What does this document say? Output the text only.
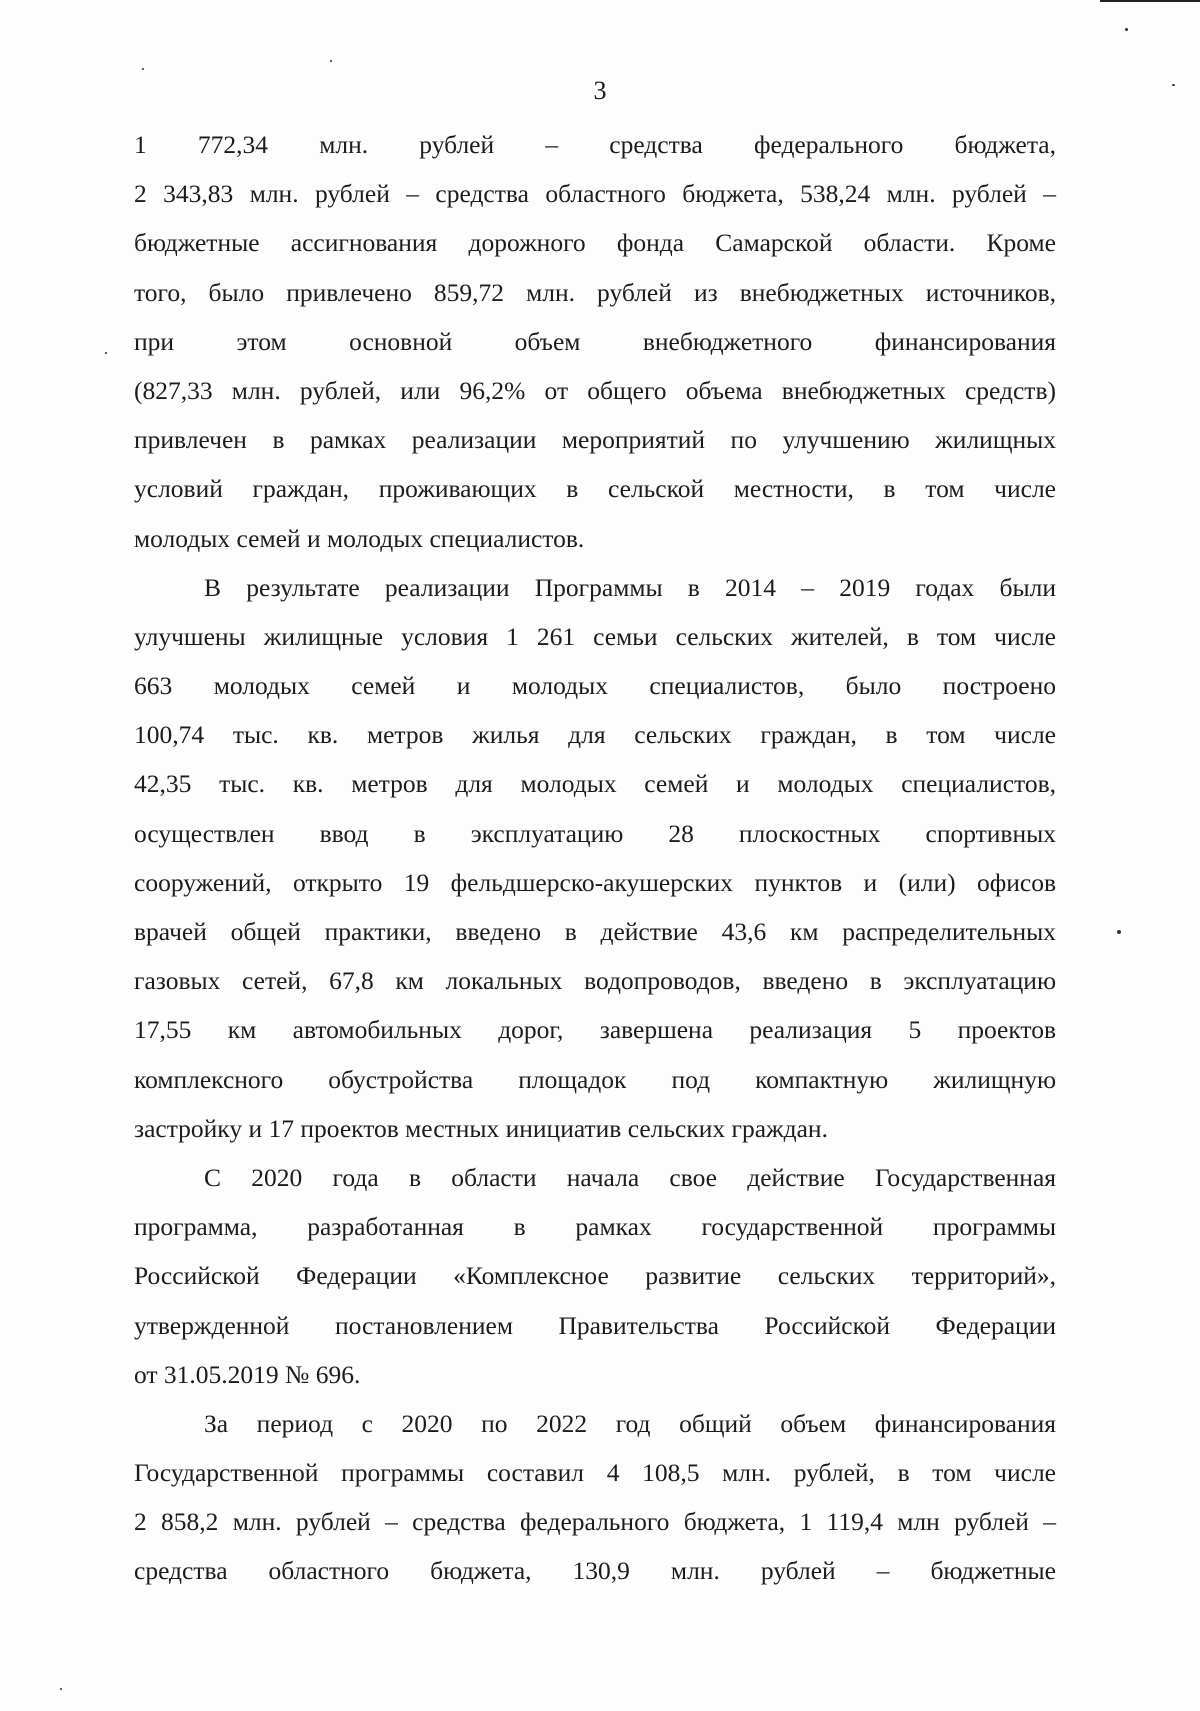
3

1 772,34 млн. рублей – средства федерального бюджета,
2 343,83 млн. рублей – средства областного бюджета, 538,24 млн. рублей –
бюджетные ассигнования дорожного фонда Самарской области. Кроме
того, было привлечено 859,72 млн. рублей из внебюджетных источников,
при этом основной объем внебюджетного финансирования
(827,33 млн. рублей, или 96,2% от общего объема внебюджетных средств)
привлечен в рамках реализации мероприятий по улучшению жилищных
условий граждан, проживающих в сельской местности, в том числе
молодых семей и молодых специалистов.

В результате реализации Программы в 2014 – 2019 годах были
улучшены жилищные условия 1 261 семьи сельских жителей, в том числе
663 молодых семей и молодых специалистов, было построено
100,74 тыс. кв. метров жилья для сельских граждан, в том числе
42,35 тыс. кв. метров для молодых семей и молодых специалистов,
осуществлен ввод в эксплуатацию 28 плоскостных спортивных
сооружений, открыто 19 фельдшерско-акушерских пунктов и (или) офисов
врачей общей практики, введено в действие 43,6 км распределительных
газовых сетей, 67,8 км локальных водопроводов, введено в эксплуатацию
17,55 км автомобильных дорог, завершена реализация 5 проектов
комплексного обустройства площадок под компактную жилищную
застройку и 17 проектов местных инициатив сельских граждан.

С 2020 года в области начала свое действие Государственная
программа, разработанная в рамках государственной программы
Российской Федерации «Комплексное развитие сельских территорий»,
утвержденной постановлением Правительства Российской Федерации
от 31.05.2019 № 696.

За период с 2020 по 2022 год общий объем финансирования
Государственной программы составил 4 108,5 млн. рублей, в том числе
2 858,2 млн. рублей – средства федерального бюджета, 1 119,4 млн рублей –
средства областного бюджета, 130,9 млн. рублей – бюджетные
